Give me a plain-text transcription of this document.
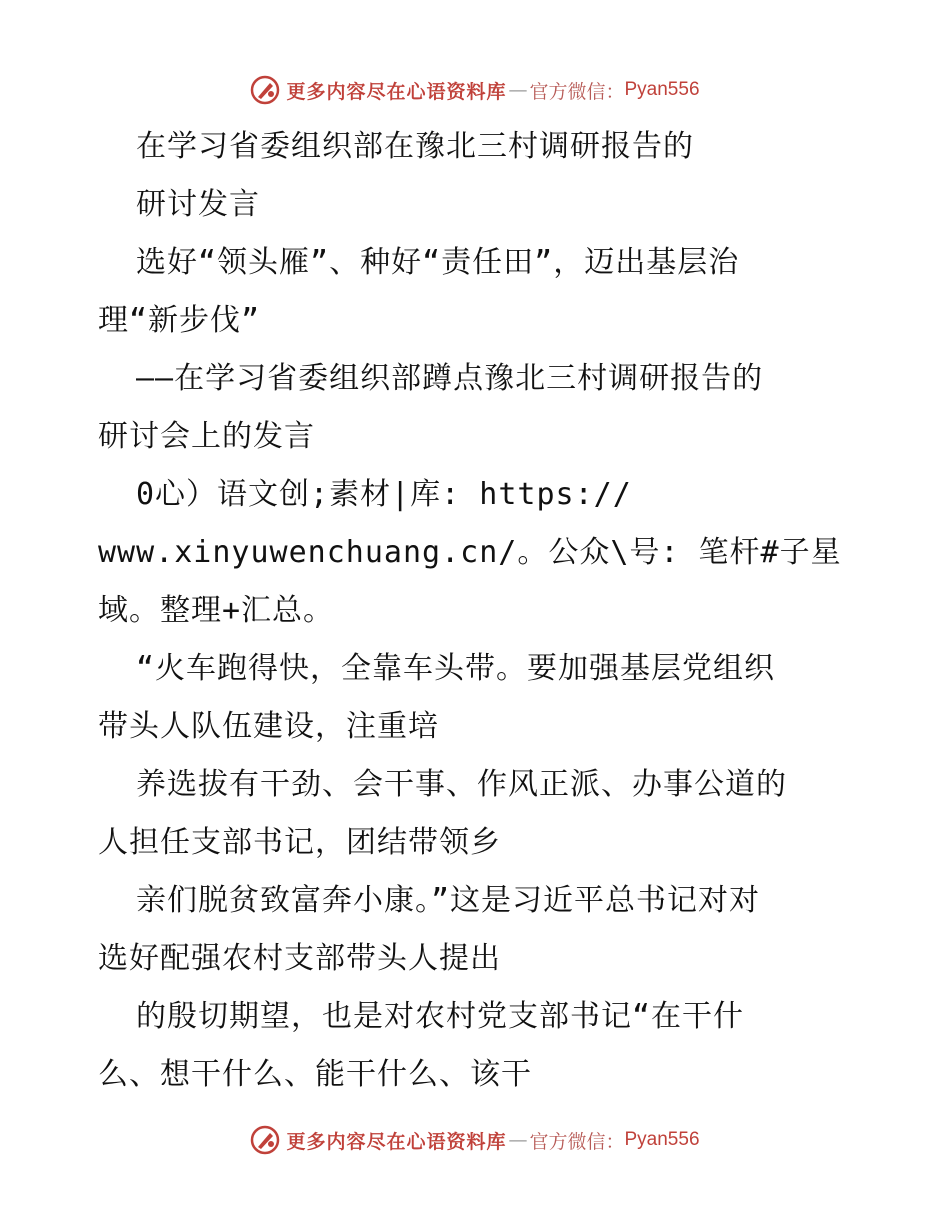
更多内容尽在心语资料库 — 官方微信： Pyan556
在学习省委组织部在豫北三村调研报告的
研讨发言
选好“领头雁”、种好“责任田”，迈出基层治
理“新步伐”
——在学习省委组织部蹲点豫北三村调研报告的
研讨会上的发言
0心）语文创;素材|库: https://
www.xinyuwenchuang.cn/。公众\号: 笔杆#子星
域。整理+汇总。
“火车跑得快，全靠车头带。要加强基层党组织
带头人队伍建设，注重培
养选拔有干劲、会干事、作风正派、办事公道的
人担任支部书记，团结带领乡
亲们脱贫致富奔小康。”这是习近平总书记对对
选好配强农村支部带头人提出
的殷切期望，也是对农村党支部书记“在干什
么、想干什么、能干什么、该干
更多内容尽在心语资料库 — 官方微信： Pyan556
